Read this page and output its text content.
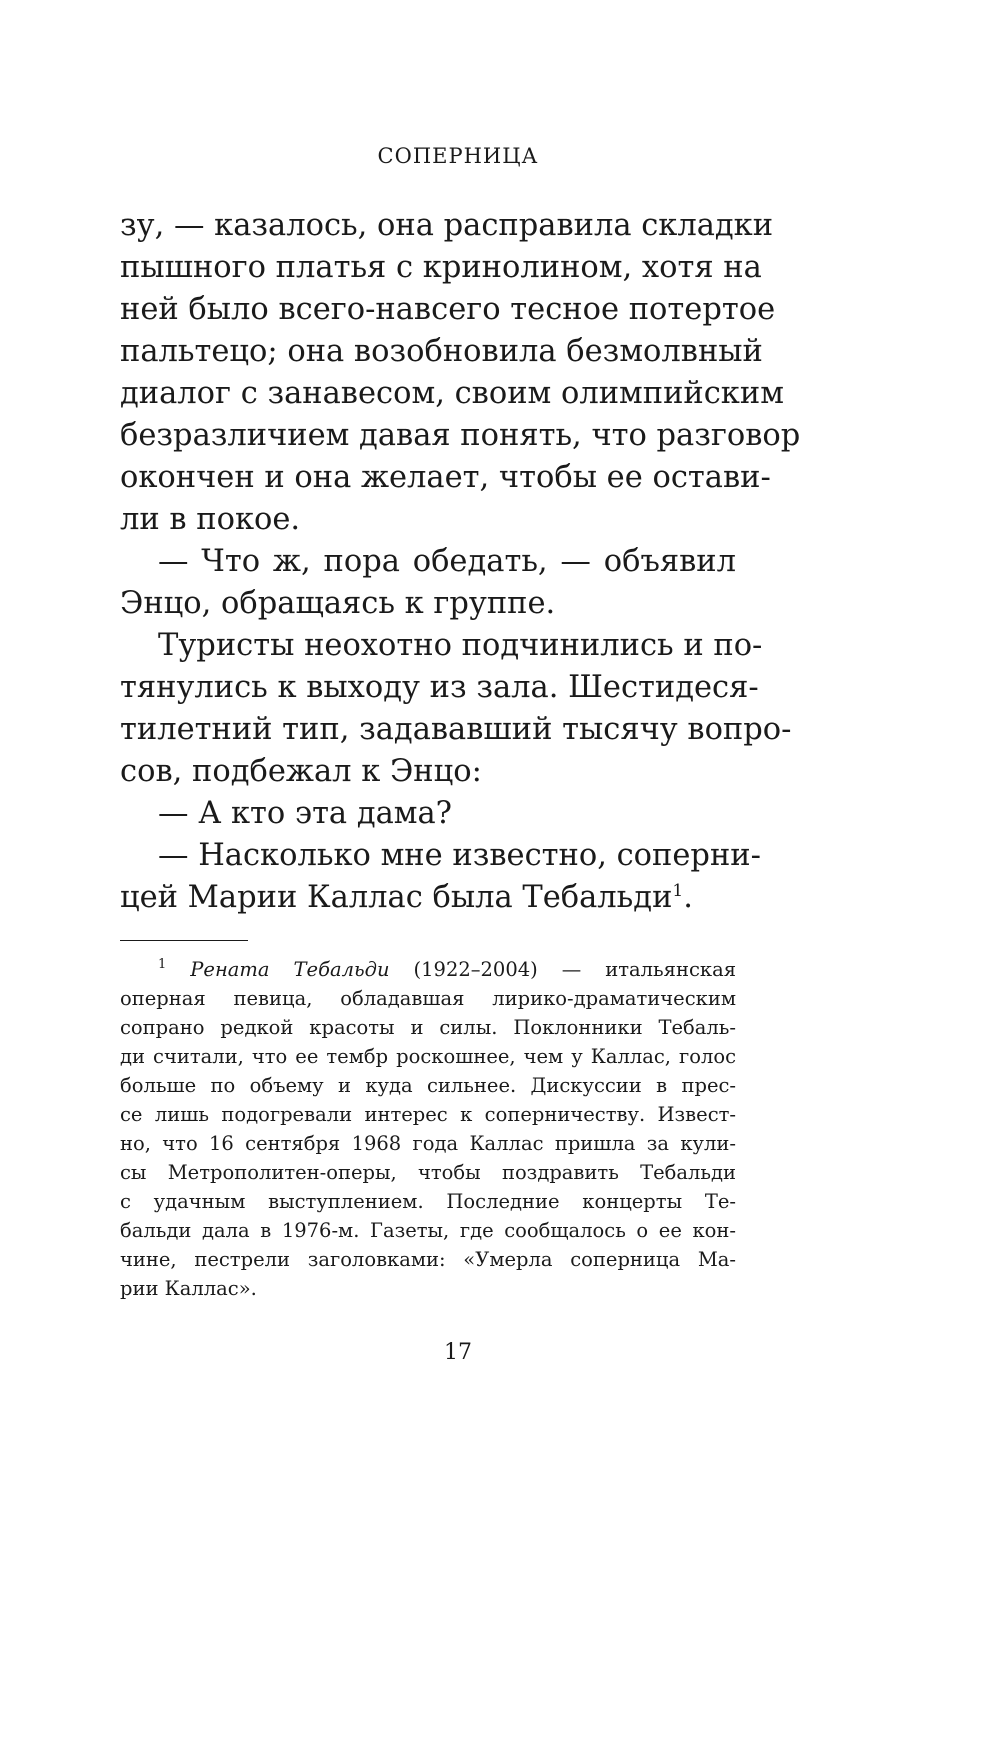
СОПЕРНИЦА
зу, — казалось, она расправила складки
пышного платья с кринолином, хотя на
ней было всего-навсего тесное потертое
пальтецо; она возобновила безмолвный
диалог с занавесом, своим олимпийским
безразличием давая понять, что разговор
окончен и она желает, чтобы ее остави-
ли в покое.
— Что ж, пора обедать, — объявил
Энцо, обращаясь к группе.
Туристы неохотно подчинились и по-
тянулись к выходу из зала. Шестидеся-
тилетний тип, задававший тысячу вопро-
сов, подбежал к Энцо:
— А кто эта дама?
— Насколько мне известно, соперни-
цей Марии Каллас была Тебальди$^1$.
$^1$ Рената Тебальди (1922–2004) — итальянская
оперная певица, обладавшая лирико-драматическим
сопрано редкой красоты и силы. Поклонники Тебаль-
ди считали, что ее тембр роскошнее, чем у Каллас, голос
больше по объему и куда сильнее. Дискуссии в прес-
се лишь подогревали интерес к соперничеству. Извест-
но, что 16 сентября 1968 года Каллас пришла за кули-
сы Метрополитен-оперы, чтобы поздравить Тебальди
с удачным выступлением. Последние концерты Те-
бальди дала в 1976-м. Газеты, где сообщалось о ее кон-
чине, пестрели заголовками: «Умерла соперница Ма-
рии Каллас».
17
